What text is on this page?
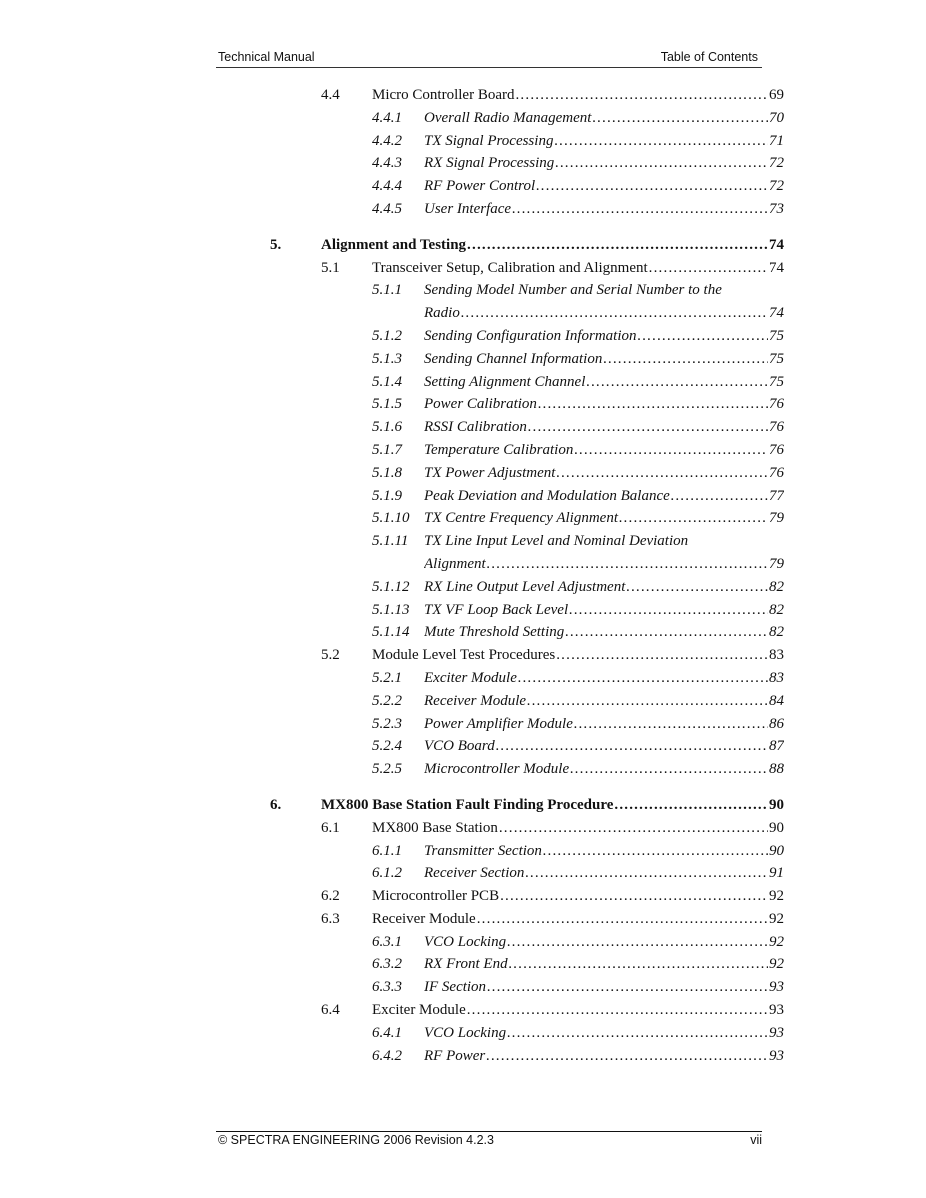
Technical Manual	Table of Contents
4.4 Micro Controller Board .....	69
4.4.1 Overall Radio Management .....	70
4.4.2 TX Signal Processing .....	71
4.4.3 RX Signal Processing .....	72
4.4.4 RF Power Control .....	72
4.4.5 User Interface .....	73
5.	Alignment and Testing .....	74
5.1 Transceiver Setup, Calibration and Alignment .....	74
5.1.1 Sending Model Number and Serial Number to the
Radio .....	74
5.1.2 Sending Configuration Information .....	75
5.1.3 Sending Channel Information .....	75
5.1.4 Setting Alignment Channel .....	75
5.1.5 Power Calibration .....	76
5.1.6 RSSI Calibration .....	76
5.1.7 Temperature Calibration .....	76
5.1.8 TX Power Adjustment .....	76
5.1.9 Peak Deviation and Modulation Balance .....	77
5.1.10 TX Centre Frequency Alignment .....	79
5.1.11 TX Line Input Level and Nominal Deviation
Alignment .....	79
5.1.12 RX Line Output Level Adjustment .....	82
5.1.13 TX VF Loop Back Level .....	82
5.1.14 Mute Threshold Setting .....	82
5.2 Module Level Test Procedures .....	83
5.2.1 Exciter Module .....	83
5.2.2 Receiver Module .....	84
5.2.3 Power Amplifier Module .....	86
5.2.4 VCO Board .....	87
5.2.5 Microcontroller Module .....	88
6.	MX800 Base Station Fault Finding Procedure .....	90
6.1 MX800 Base Station .....	90
6.1.1 Transmitter Section .....	90
6.1.2 Receiver Section .....	91
6.2 Microcontroller PCB .....	92
6.3 Receiver Module .....	92
6.3.1 VCO Locking .....	92
6.3.2 RX Front End .....	92
6.3.3 IF Section .....	93
6.4 Exciter Module .....	93
6.4.1 VCO Locking .....	93
6.4.2 RF Power .....	93
© SPECTRA ENGINEERING 2006 Revision 4.2.3	vii
